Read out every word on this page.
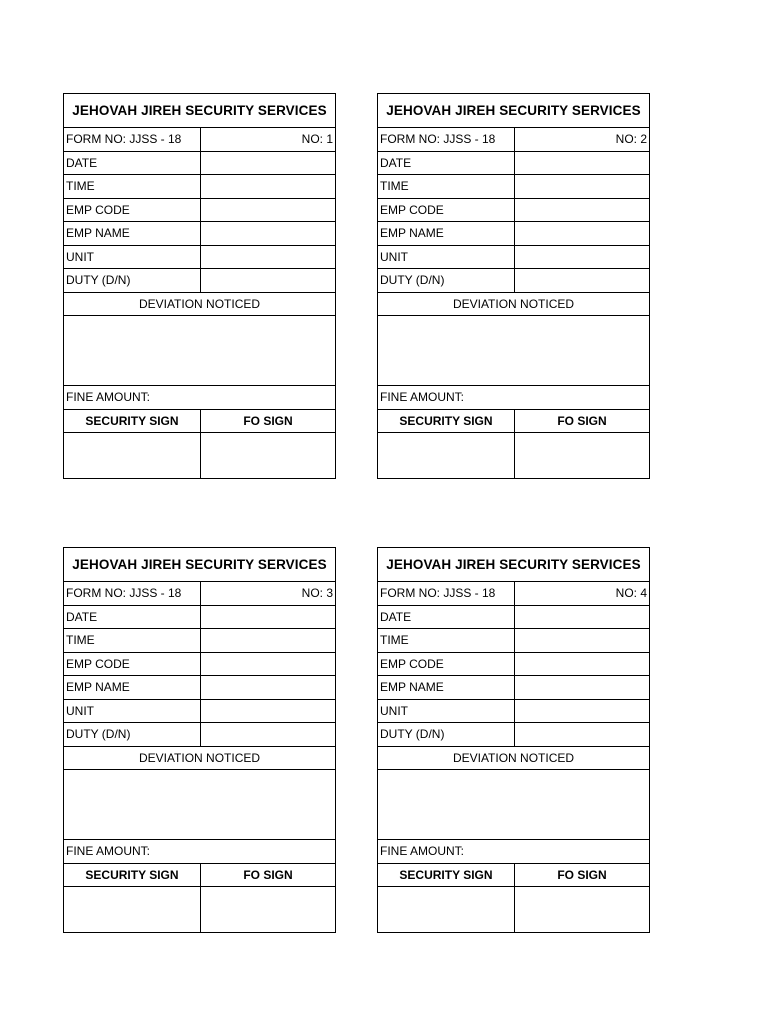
JEHOVAH JIREH SECURITY SERVICES
FORM NO: JJSS - 18	NO: 1
DATE
TIME
EMP CODE
EMP NAME
UNIT
DUTY (D/N)
DEVIATION NOTICED
FINE AMOUNT:
SECURITY SIGN	FO SIGN
JEHOVAH JIREH SECURITY SERVICES
FORM NO: JJSS - 18	NO: 2
DATE
TIME
EMP CODE
EMP NAME
UNIT
DUTY (D/N)
DEVIATION NOTICED
FINE AMOUNT:
SECURITY SIGN	FO SIGN
JEHOVAH JIREH SECURITY SERVICES
FORM NO: JJSS - 18	NO: 3
DATE
TIME
EMP CODE
EMP NAME
UNIT
DUTY (D/N)
DEVIATION NOTICED
FINE AMOUNT:
SECURITY SIGN	FO SIGN
JEHOVAH JIREH SECURITY SERVICES
FORM NO: JJSS - 18	NO: 4
DATE
TIME
EMP CODE
EMP NAME
UNIT
DUTY (D/N)
DEVIATION NOTICED
FINE AMOUNT:
SECURITY SIGN	FO SIGN
